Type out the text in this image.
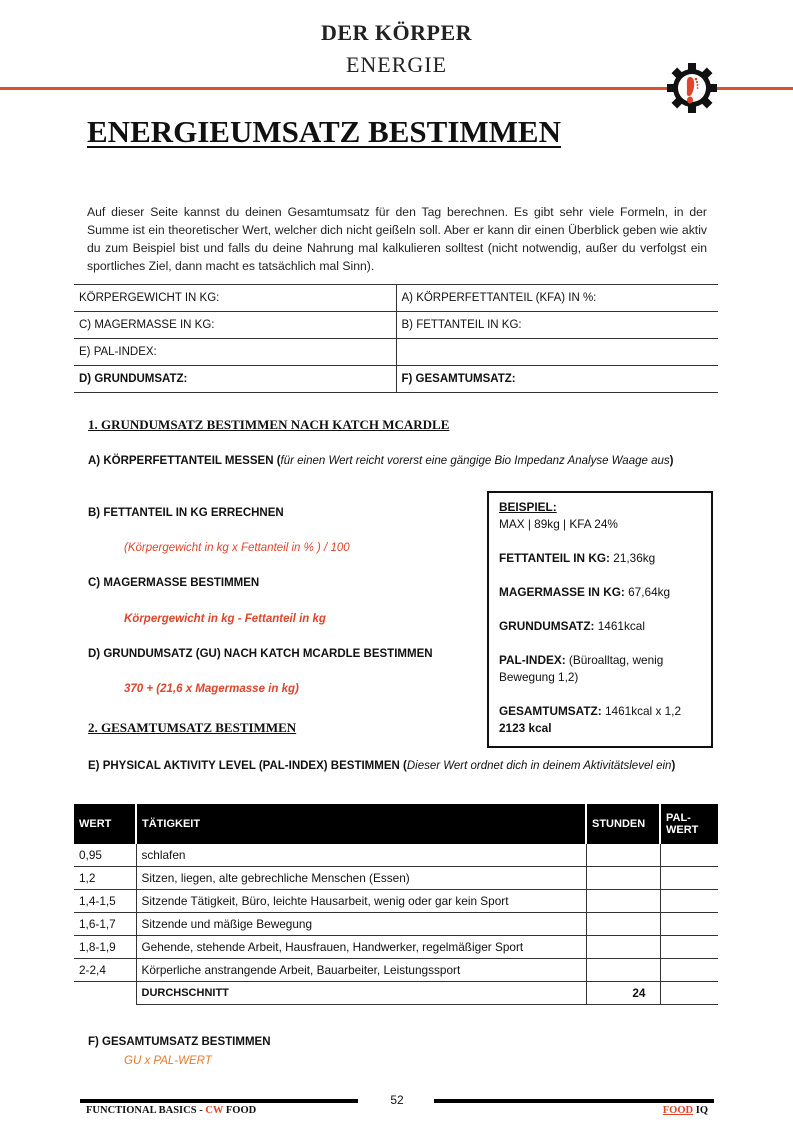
DER KÖRPER
ENERGIE
ENERGIEUMSATZ BESTIMMEN
Auf dieser Seite kannst du deinen Gesamtumsatz für den Tag berechnen. Es gibt sehr viele Formeln, in der Summe ist ein theoretischer Wert, welcher dich nicht geißeln soll. Aber er kann dir einen Überblick geben wie aktiv du zum Beispiel bist und falls du deine Nahrung mal kalkulieren solltest (nicht notwendig, außer du verfolgst ein sportliches Ziel, dann macht es tatsächlich mal Sinn).
KÖRPERGEWICHT IN KG:	A) KÖRPERFETTANTEIL (KFA) IN %:
C) MAGERMASSE IN KG:	B) FETTANTEIL IN KG:
E) PAL-INDEX:	
D) GRUNDUMSATZ:	F) GESAMTUMSATZ:
1. GRUNDUMSATZ BESTIMMEN NACH KATCH MCARDLE
A) KÖRPERFETTANTEIL MESSEN (für einen Wert reicht vorerst eine gängige Bio Impedanz Analyse Waage aus)
B) FETTANTEIL IN KG ERRECHNEN
(Körpergewicht in kg x Fettanteil in % ) / 100
C) MAGERMASSE BESTIMMEN
Körpergewicht in kg - Fettanteil in kg
D) GRUNDUMSATZ (GU) NACH KATCH MCARDLE BESTIMMEN
370 + (21,6 x Magermasse in kg)

BEISPIEL:

MAX | 89kg | KFA 24%

FETTANTEIL IN KG: 21,36kg

MAGERMASSE IN KG: 67,64kg

GRUNDUMSATZ: 1461kcal

PAL-INDEX: (Büroalltag, wenig Bewegung 1,2)

GESAMTUMSATZ: 1461kcal x 1,2

2123 kcal

2. GESAMTUMSATZ BESTIMMEN
E) PHYSICAL AKTIVITY LEVEL (PAL-INDEX) BESTIMMEN (Dieser Wert ordnet dich in deinem Aktivitätslevel ein)
WERT	TÄTIGKEIT	STUNDEN	PAL-WERT
0,95	schlafen		
1,2	Sitzen, liegen, alte gebrechliche Menschen (Essen)		
1,4-1,5	Sitzende Tätigkeit, Büro, leichte Hausarbeit, wenig oder gar kein Sport		
1,6-1,7	Sitzende und mäßige Bewegung		
1,8-1,9	Gehende, stehende Arbeit, Hausfrauen, Handwerker, regelmäßiger Sport		
2-2,4	Körperliche anstrangende Arbeit, Bauarbeiter, Leistungssport		
	DURCHSCHNITT	24	
F) GESAMTUMSATZ BESTIMMEN
GU x PAL-WERT
52
FUNCTIONAL BASICS - CW FOOD	FOOD IQ
